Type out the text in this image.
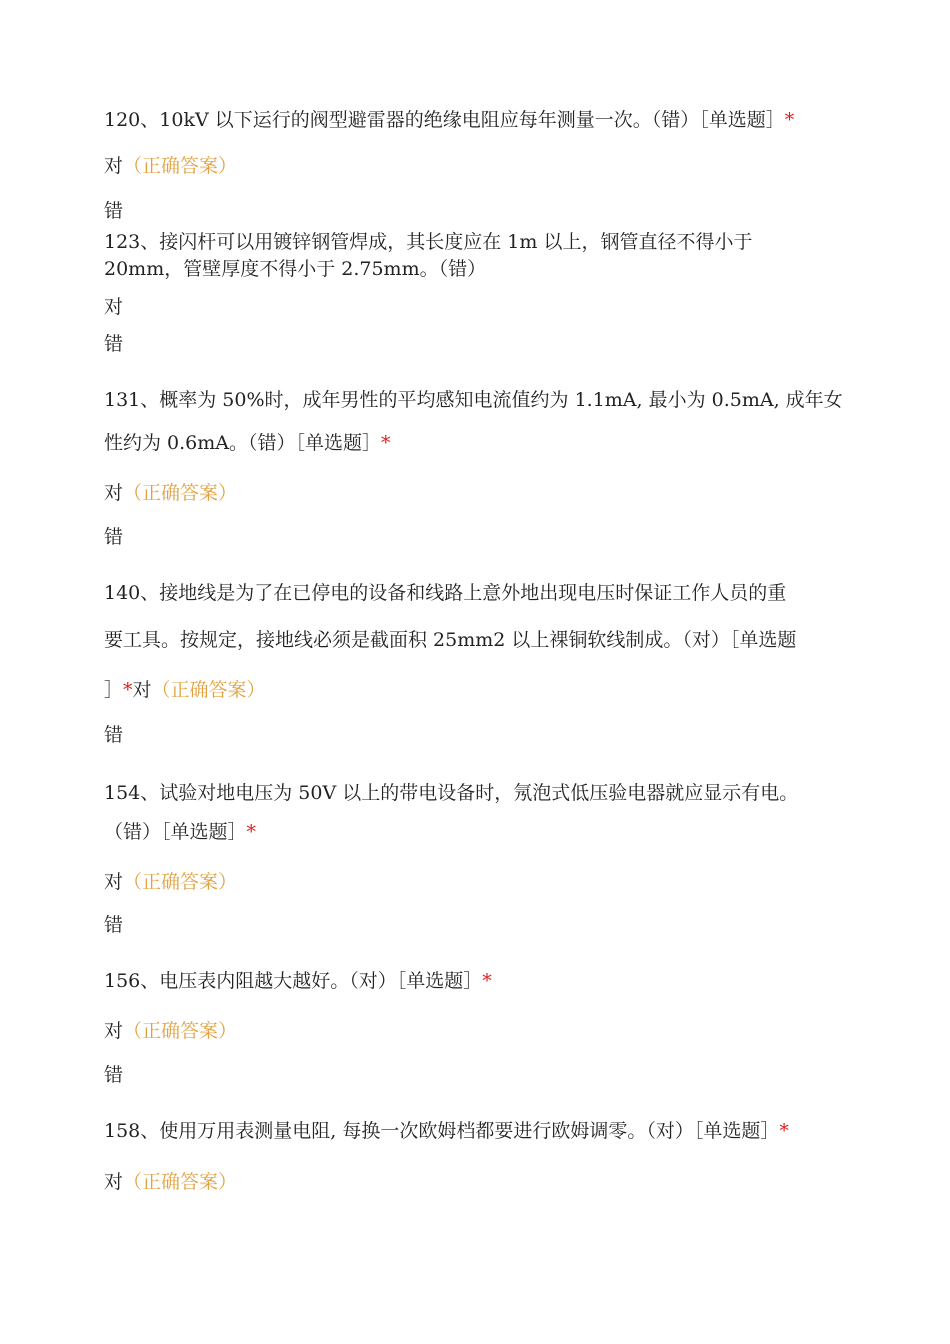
120、10kV 以下运行的阀型避雷器的绝缘电阻应每年测量一次。（错）［单选题］*
对（正确答案）
错
123、接闪杆可以用镀锌钢管焊成，其长度应在 1m 以上，钢管直径不得小于
20mm，管壁厚度不得小于 2.75mm。（错）
对
错
131、概率为 50%时，成年男性的平均感知电流值约为 1.1mA, 最小为 0.5mA, 成年女
性约为 0.6mA。（错）［单选题］*
对（正确答案）
错
140、接地线是为了在已停电的设备和线路上意外地出现电压时保证工作人员的重
要工具。按规定，接地线必须是截面积 25mm2 以上裸铜软线制成。（对）［单选题
］*对（正确答案）
错
154、试验对地电压为 50V 以上的带电设备时，氖泡式低压验电器就应显示有电。
（错）［单选题］*
对（正确答案）
错
156、电压表内阻越大越好。（对）［单选题］*
对（正确答案）
错
158、使用万用表测量电阻, 每换一次欧姆档都要进行欧姆调零。（对）［单选题］*
对（正确答案）
